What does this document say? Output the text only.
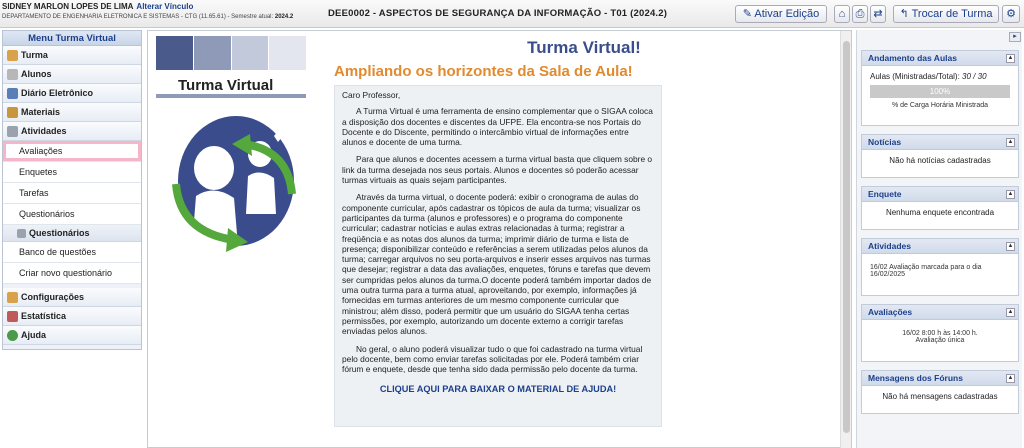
SIDNEY MARLON LOPES DE LIMA Alterar Vínculo
DEPARTAMENTO DE ENGENHARIA ELETRONICA E SISTEMAS - CTG (11.65.61) - Semestre atual: 2024.2	DEE0002 - ASPECTOS DE SEGURANÇA DA INFORMAÇÃO - T01 (2024.2)	✎ Ativar Edição	⌂ ⎙ ⇄	↰ Trocar de Turma	⚙
Menu Turma Virtual
Turma
Alunos
Diário Eletrônico
Materiais
Atividades
Avaliações
Enquetes
Tarefas
Questionários
Questionários
Banco de questões
Criar novo questionário
Configurações
Estatística
Ajuda
Turma Virtual
Turma Virtual!
Ampliando os horizontes da Sala de Aula!

Caro Professor,

A Turma Virtual é uma ferramenta de ensino complementar que o SIGAA coloca a disposição dos docentes e discentes da UFPE. Ela encontra-se nos Portais do Docente e do Discente, permitindo o intercâmbio virtual de informações entre alunos e docente de uma turma.

Para que alunos e docentes acessem a turma virtual basta que cliquem sobre o link da turma desejada nos seus portais. Alunos e docentes só poderão acessar turmas virtuais as quais sejam participantes.

Através da turma virtual, o docente poderá: exibir o cronograma de aulas do componente curricular, após cadastrar os tópicos de aula da turma; visualizar os participantes da turma (alunos e professores) e o programa do componente curricular; cadastrar notícias e aulas extras relacionadas à turma; registrar a freqüência e as notas dos alunos da turma; imprimir diário de turma e lista de presença; disponibilizar conteúdo e referências a serem utilizadas pelos alunos da turma; carregar arquivos no seu porta-arquivos e inserir esses arquivos nas turmas que desejar; registrar a data das avaliações, enquetes, fóruns e tarefas que devem ser cumpridas pelos alunos da turma.O docente poderá também importar dados de uma outra turma para a turma atual, aproveitando, por exemplo, informações já fornecidas em turmas anteriores de um mesmo componente curricular que ministrou; além disso, poderá permitir que um usuário do SIGAA tenha certas permissões, por exemplo, autorizando um docente externo a corrigir tarefas enviadas pelos alunos.

No geral, o aluno poderá visualizar tudo o que foi cadastrado na turma virtual pelo docente, bem como enviar tarefas solicitadas por ele. Poderá também criar fórum e enquete, desde que tenha sido dada permissão pelo docente da turma.

CLIQUE AQUI PARA BAIXAR O MATERIAL DE AJUDA!
▸
Andamento das Aulas	▲
Aulas (Ministradas/Total): 30 / 30
100%
% de Carga Horária Ministrada
Notícias	▲
Não há notícias cadastradas
Enquete	▲
Nenhuma enquete encontrada
Atividades	▲
16/02 Avaliação marcada para o dia 16/02/2025
Avaliações	▲
16/02 8:00 h às 14:00 h.
Avaliação única
Mensagens dos Fóruns	▲
Não há mensagens cadastradas
